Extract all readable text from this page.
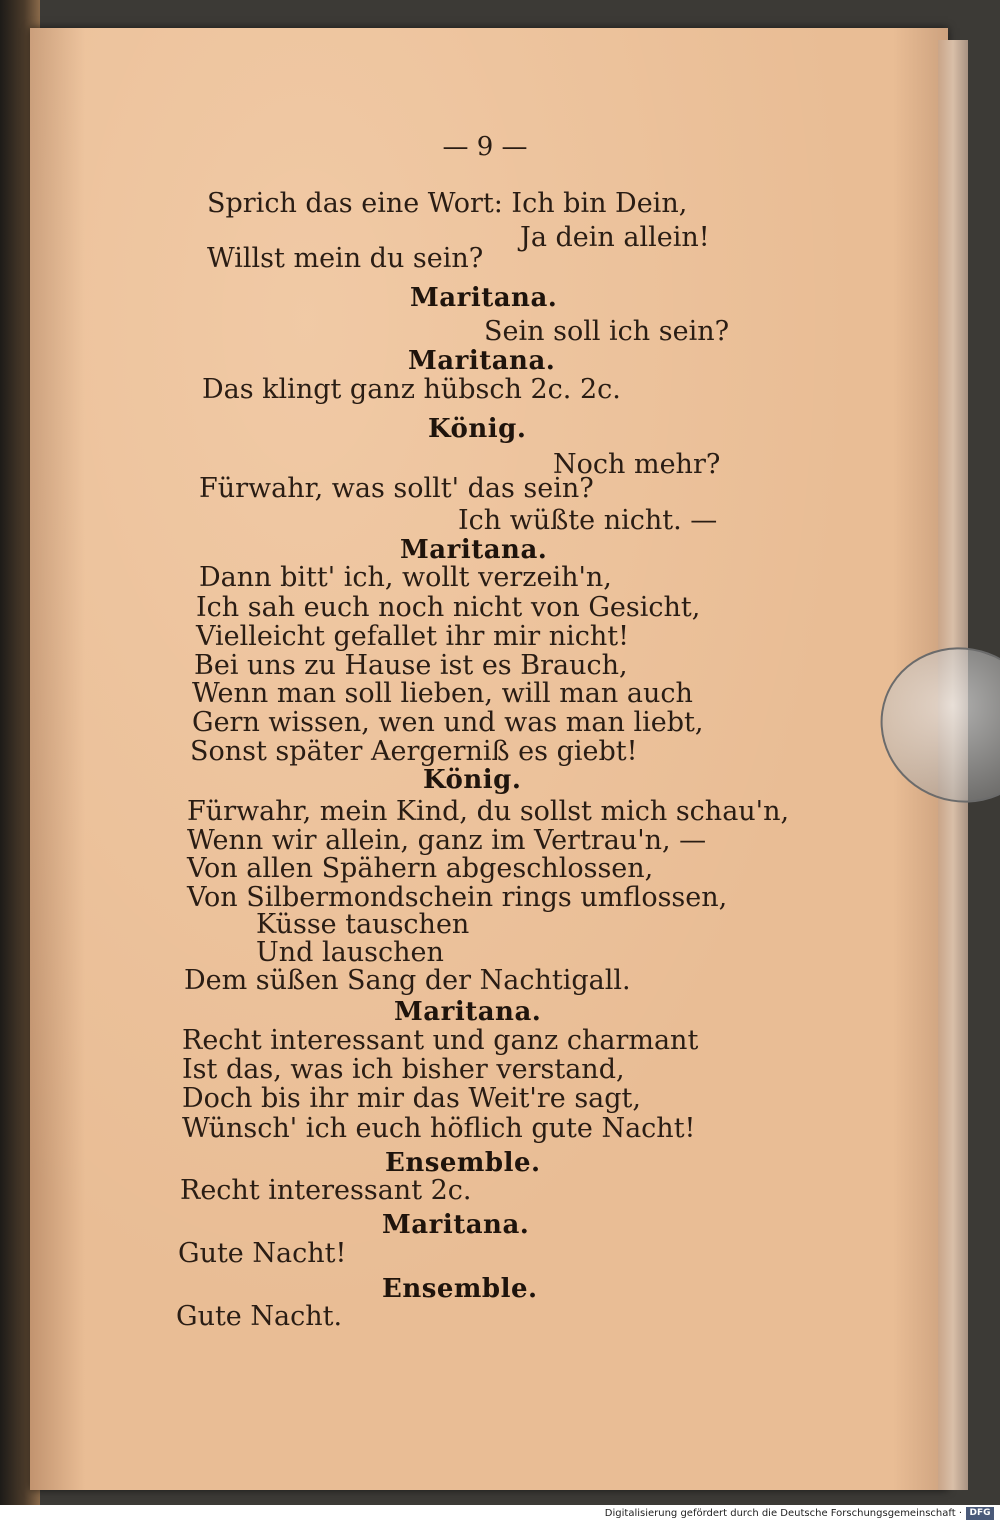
— 9 —

Sprich das eine Wort: Ich bin Dein,

Ja dein allein!

Willst mein du sein?

Maritana.

Sein soll ich sein?

Maritana.

Das klingt ganz hübsch 2c. 2c.

König.

Noch mehr?

Fürwahr, was sollt' das sein?

Ich wüßte nicht. —

Maritana.

Dann bitt' ich, wollt verzeih'n,

Ich sah euch noch nicht von Gesicht,

Vielleicht gefallet ihr mir nicht!

Bei uns zu Hause ist es Brauch,

Wenn man soll lieben, will man auch

Gern wissen, wen und was man liebt,

Sonst später Aergerniß es giebt!

König.

Fürwahr, mein Kind, du sollst mich schau'n,

Wenn wir allein, ganz im Vertrau'n, —

Von allen Spähern abgeschlossen,

Von Silbermondschein rings umflossen,

Küsse tauschen

Und lauschen

Dem süßen Sang der Nachtigall.

Maritana.

Recht interessant und ganz charmant

Ist das, was ich bisher verstand,

Doch bis ihr mir das Weit're sagt,

Wünsch' ich euch höflich gute Nacht!

Ensemble.

Recht interessant 2c.

Maritana.

Gute Nacht!

Ensemble.

Gute Nacht.

Digitalisierung gefördert durch die Deutsche Forschungsgemeinschaft · DFG
